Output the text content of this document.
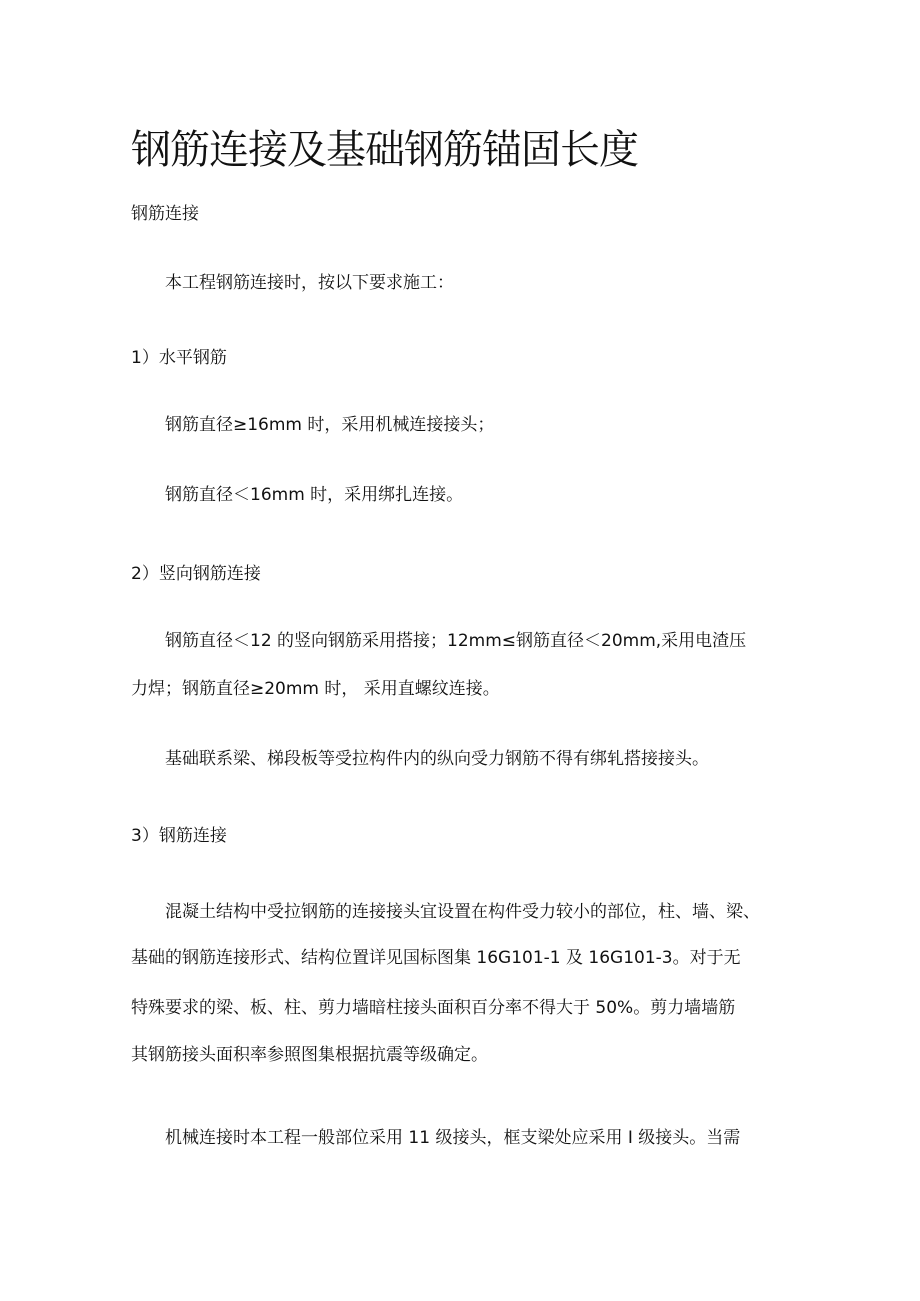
钢筋连接及基础钢筋锚固长度
钢筋连接
本工程钢筋连接时，按以下要求施工：
1）水平钢筋
钢筋直径≥16mm 时，采用机械连接接头；
钢筋直径＜16mm 时，采用绑扎连接。
2）竖向钢筋连接
钢筋直径＜12 的竖向钢筋采用搭接；12mm≤钢筋直径＜20mm,采用电渣压
力焊；钢筋直径≥20mm 时， 采用直螺纹连接。
基础联系梁、梯段板等受拉构件内的纵向受力钢筋不得有绑轧搭接接头。
3）钢筋连接
混凝土结构中受拉钢筋的连接接头宜设置在构件受力较小的部位，柱、墙、梁、
基础的钢筋连接形式、结构位置详见国标图集 16G101-1 及 16G101-3。对于无
特殊要求的梁、板、柱、剪力墙暗柱接头面积百分率不得大于 50%。剪力墙墙筋
其钢筋接头面积率参照图集根据抗震等级确定。
机械连接时本工程一般部位采用 11 级接头，框支梁处应采用 I 级接头。当需
